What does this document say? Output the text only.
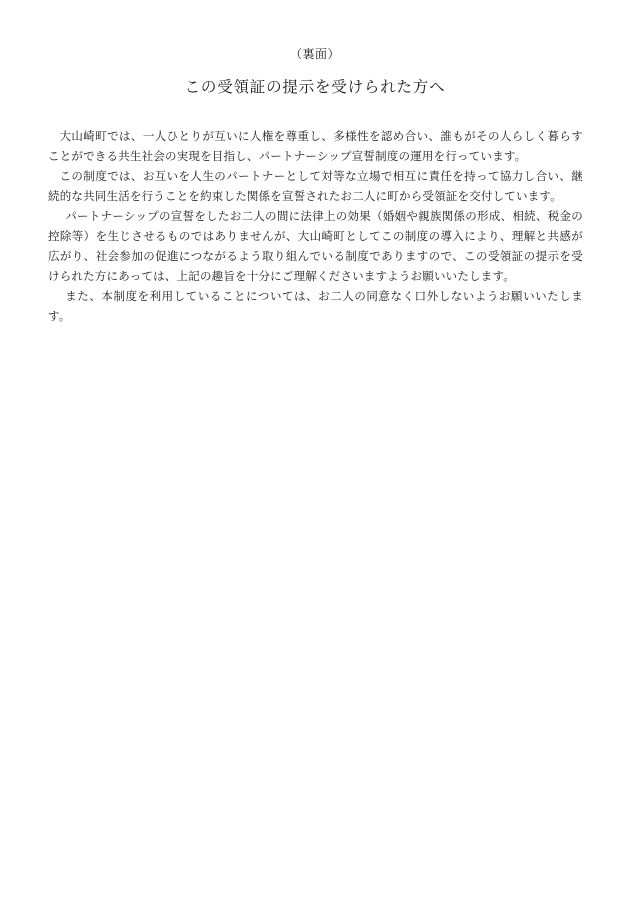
（裏面）
この受領証の提示を受けられた方へ

大山崎町では、一人ひとりが互いに人権を尊重し、多様性を認め合い、誰もがその人らしく暮らすことができる共生社会の実現を目指し、パートナーシップ宣誓制度の運用を行っています。

この制度では、お互いを人生のパートナーとして対等な立場で相互に責任を持って協力し合い、継続的な共同生活を行うことを約束した関係を宣誓されたお二人に町から受領証を交付しています。

パートナーシップの宣誓をしたお二人の間に法律上の効果（婚姻や親族関係の形成、相続、税金の控除等）を生じさせるものではありませんが、大山崎町としてこの制度の導入により、理解と共感が広がり、社会参加の促進につながるよう取り組んでいる制度でありますので、この受領証の提示を受けられた方にあっては、上記の趣旨を十分にご理解くださいますようお願いいたします。

また、本制度を利用していることについては、お二人の同意なく口外しないようお願いいたします。
